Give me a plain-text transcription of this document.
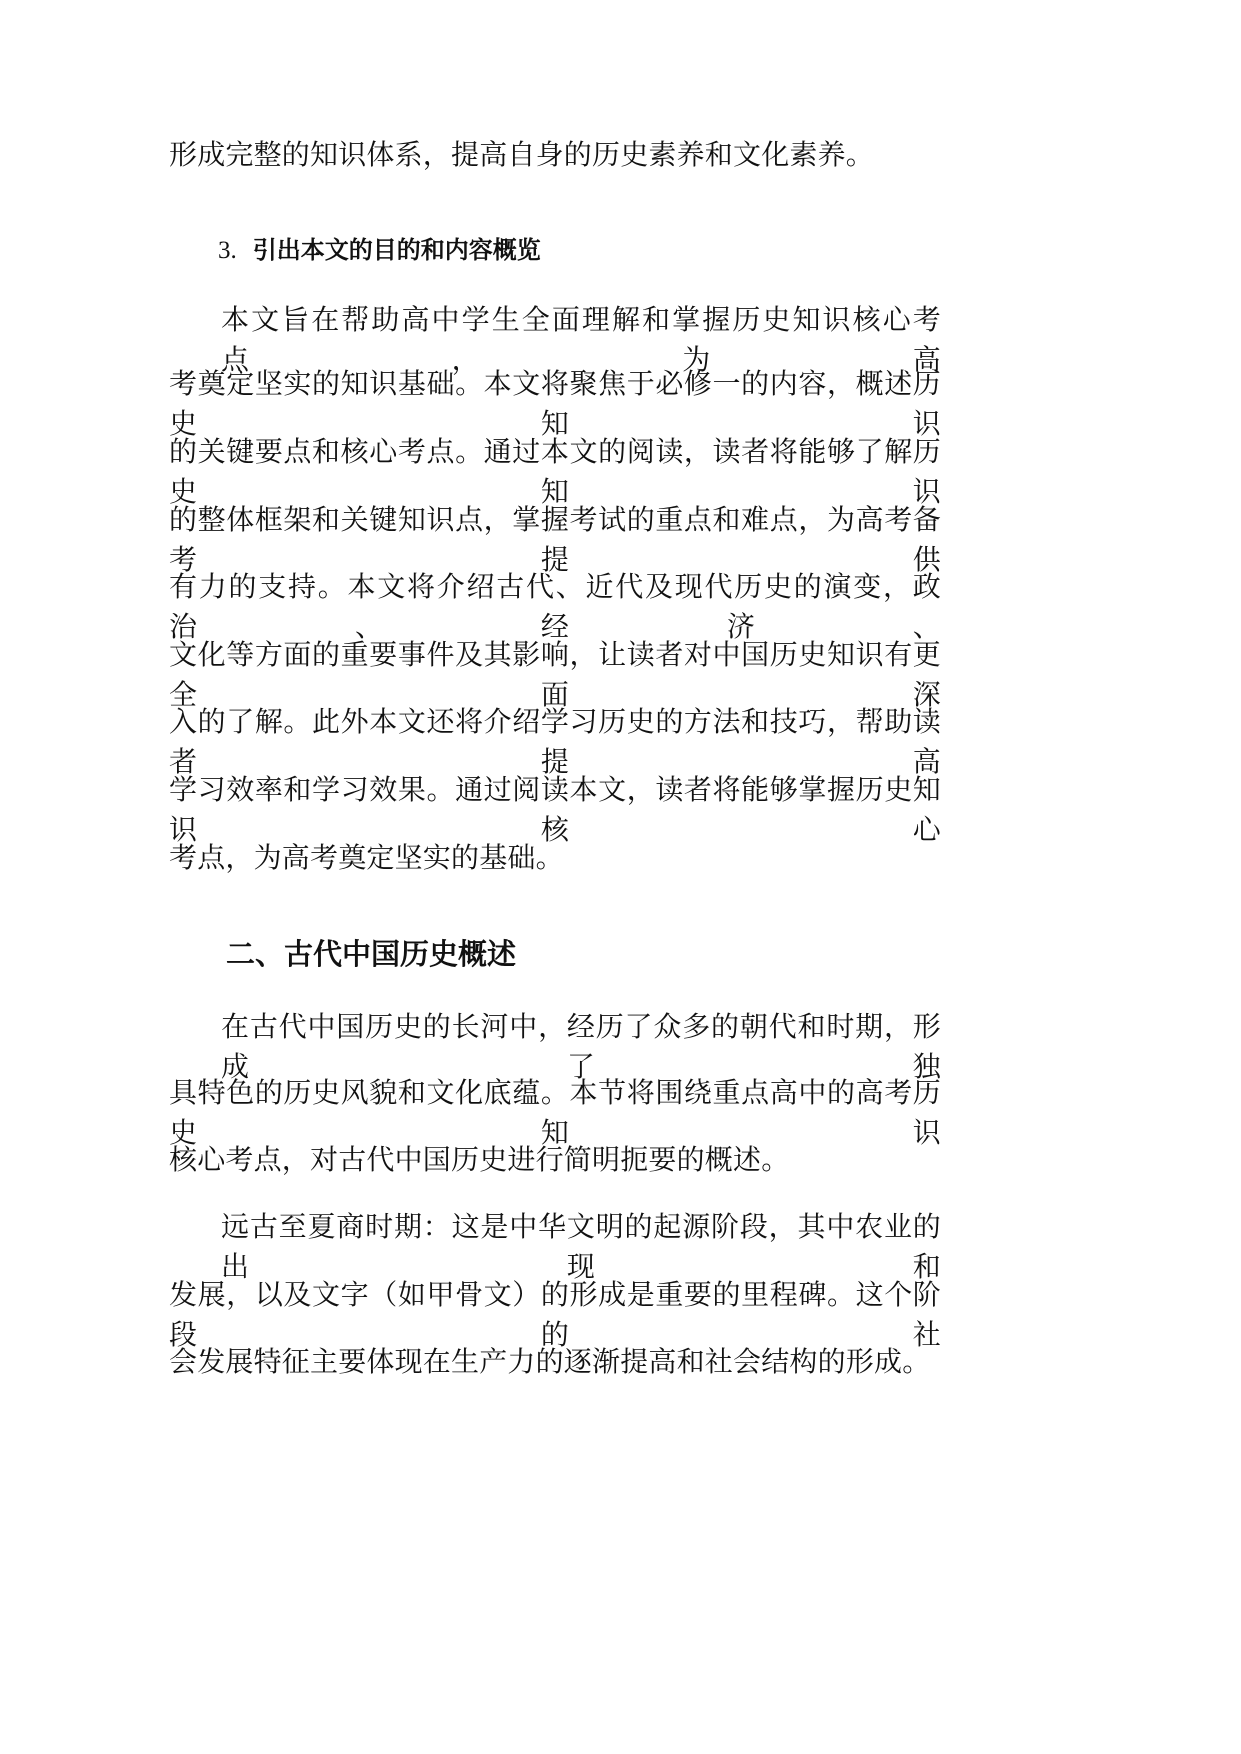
形成完整的知识体系，提高自身的历史素养和文化素养。
3. 引出本文的目的和内容概览
本文旨在帮助高中学生全面理解和掌握历史知识核心考点，为高
考奠定坚实的知识基础。本文将聚焦于必修一的内容，概述历史知识
的关键要点和核心考点。通过本文的阅读，读者将能够了解历史知识
的整体框架和关键知识点，掌握考试的重点和难点，为高考备考提供
有力的支持。本文将介绍古代、近代及现代历史的演变，政治、经济、
文化等方面的重要事件及其影响，让读者对中国历史知识有更全面深
入的了解。此外本文还将介绍学习历史的方法和技巧，帮助读者提高
学习效率和学习效果。通过阅读本文，读者将能够掌握历史知识核心
考点，为高考奠定坚实的基础。
二、古代中国历史概述
在古代中国历史的长河中，经历了众多的朝代和时期，形成了独
具特色的历史风貌和文化底蕴。本节将围绕重点高中的高考历史知识
核心考点，对古代中国历史进行简明扼要的概述。
远古至夏商时期：这是中华文明的起源阶段，其中农业的出现和
发展，以及文字（如甲骨文）的形成是重要的里程碑。这个阶段的社
会发展特征主要体现在生产力的逐渐提高和社会结构的形成。
